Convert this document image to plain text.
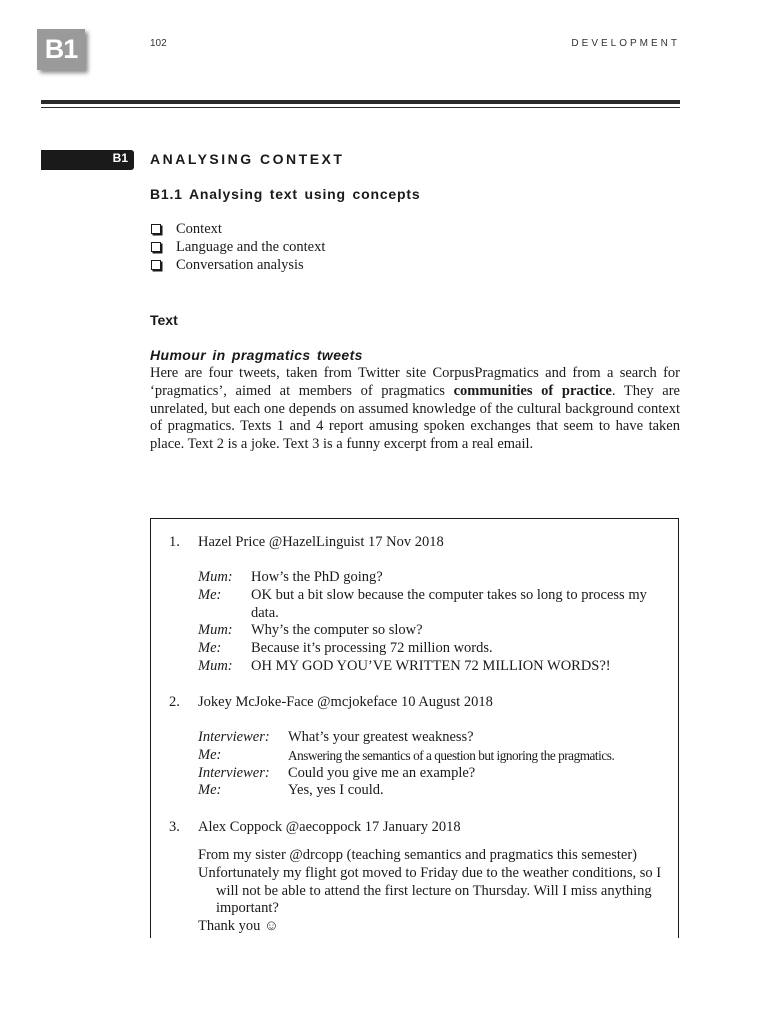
B1	102	DEVELOPMENT
B1	ANALYSING CONTEXT
B1.1 Analysing text using concepts
Context
Language and the context
Conversation analysis
Text
Humour in pragmatics tweets

Here are four tweets, taken from Twitter site CorpusPragmatics and from a search for ‘pragmatics’, aimed at members of pragmatics communities of practice. They are unrelated, but each one depends on assumed knowledge of the cultural background context of pragmatics. Texts 1 and 4 report amusing spoken exchanges that seem to have taken place. Text 2 is a joke. Text 3 is a funny excerpt from a real email.

1. Hazel Price @HazelLinguist 17 Nov 2018
Mum:	How’s the PhD going?
Me:	OK but a bit slow because the computer takes so long to process my data.
Mum:	Why’s the computer so slow?
Me:	Because it’s processing 72 million words.
Mum:	OH MY GOD YOU’VE WRITTEN 72 MILLION WORDS?!
2. Jokey McJoke-Face @mcjokeface 10 August 2018
Interviewer:	What’s your greatest weakness?
Me:	Answering the semantics of a question but ignoring the pragmatics.
Interviewer:	Could you give me an example?
Me:	Yes, yes I could.
3. Alex Coppock @aecoppock 17 January 2018
From my sister @drcopp (teaching semantics and pragmatics this semester)
Unfortunately my flight got moved to Friday due to the weather conditions, so I will not be able to attend the first lecture on Thursday. Will I miss anything important?
Thank you ☺
